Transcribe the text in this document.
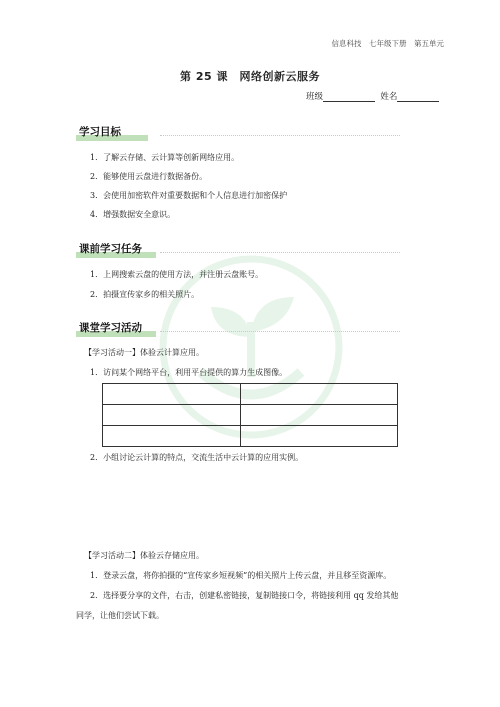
信息科技　七年级下册　第五单元
第 25 课　网络创新云服务
班级	姓名
学习目标
1．了解云存储、云计算等创新网络应用。
2．能够使用云盘进行数据备份。
3．会使用加密软件对重要数据和个人信息进行加密保护
4．增强数据安全意识。
课前学习任务
1．上网搜索云盘的使用方法，并注册云盘账号。
2．拍摄宣传家乡的相关照片。
课堂学习活动
【学习活动一】体验云计算应用。
1．访问某个网络平台，利用平台提供的算力生成图像。

2．小组讨论云计算的特点，交流生活中云计算的应用实例。
【学习活动二】体验云存储应用。
1．登录云盘，将你拍摄的“宣传家乡短视频”的相关照片上传云盘，并且移至资源库。
2．选择要分享的文件，右击，创建私密链接，复制链接口令，将链接利用 qq 发给其他
同学，让他们尝试下载。
